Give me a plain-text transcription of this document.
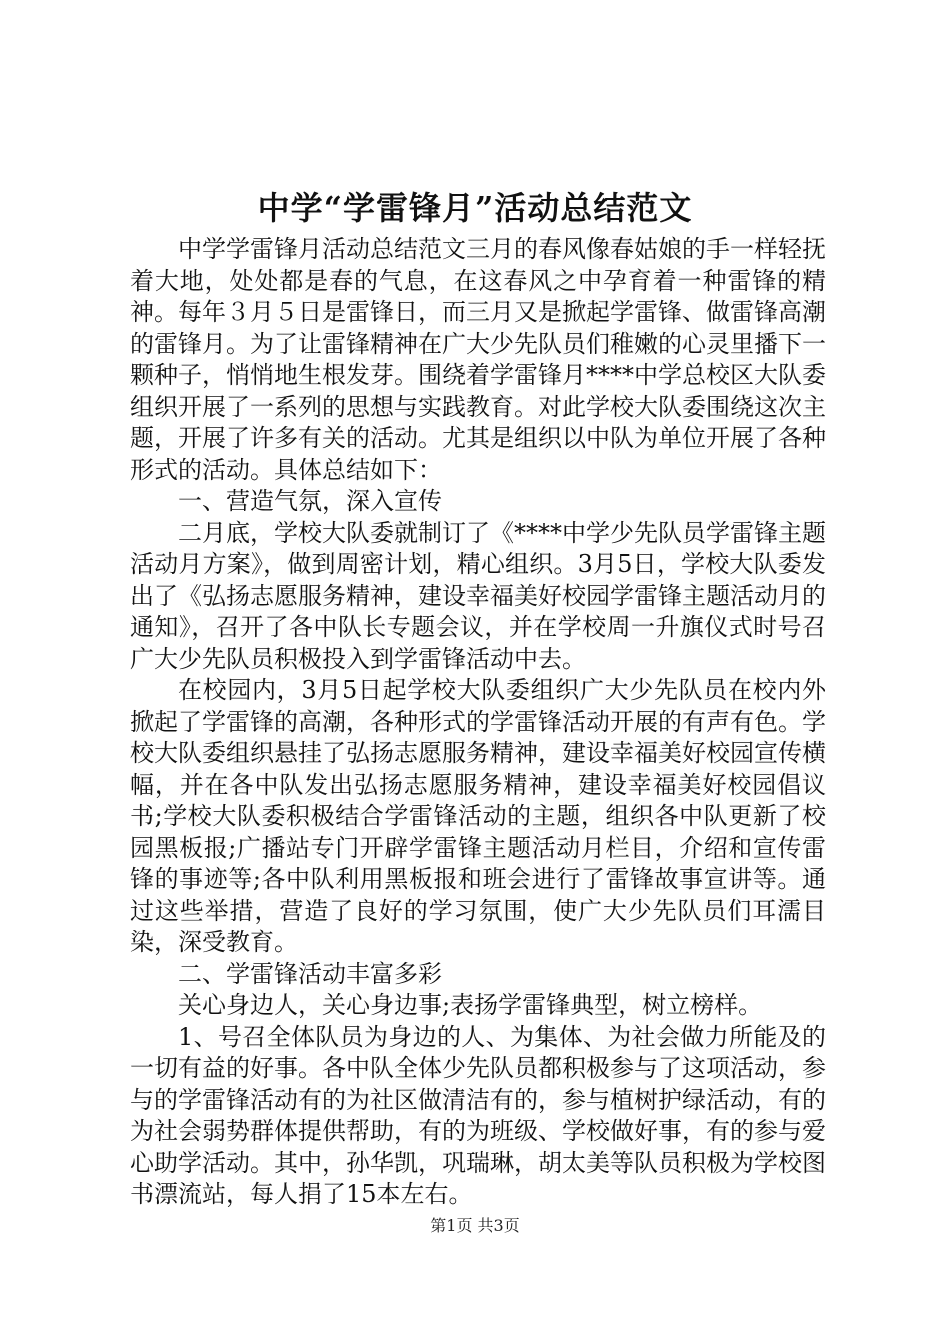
中学“学雷锋月”活动总结范文

中学学雷锋月活动总结范文三月的春风像春姑娘的手一样轻抚着大地，处处都是春的气息，在这春风之中孕育着一种雷锋的精神。每年３月５日是雷锋日，而三月又是掀起学雷锋、做雷锋高潮的雷锋月。为了让雷锋精神在广大少先队员们稚嫩的心灵里播下一颗种子，悄悄地生根发芽。围绕着学雷锋月****中学总校区大队委组织开展了一系列的思想与实践教育。对此学校大队委围绕这次主题，开展了许多有关的活动。尤其是组织以中队为单位开展了各种形式的活动。具体总结如下：

一、营造气氛，深入宣传

二月底，学校大队委就制订了《****中学少先队员学雷锋主题活动月方案》，做到周密计划，精心组织。3月5日，学校大队委发出了《弘扬志愿服务精神，建设幸福美好校园学雷锋主题活动月的通知》，召开了各中队长专题会议，并在学校周一升旗仪式时号召广大少先队员积极投入到学雷锋活动中去。

在校园内，3月5日起学校大队委组织广大少先队员在校内外掀起了学雷锋的高潮，各种形式的学雷锋活动开展的有声有色。学校大队委组织悬挂了弘扬志愿服务精神，建设幸福美好校园宣传横幅，并在各中队发出弘扬志愿服务精神，建设幸福美好校园倡议书;学校大队委积极结合学雷锋活动的主题，组织各中队更新了校园黑板报;广播站专门开辟学雷锋主题活动月栏目，介绍和宣传雷锋的事迹等;各中队利用黑板报和班会进行了雷锋故事宣讲等。通过这些举措，营造了良好的学习氛围，使广大少先队员们耳濡目染，深受教育。

二、学雷锋活动丰富多彩

关心身边人，关心身边事;表扬学雷锋典型，树立榜样。

1、号召全体队员为身边的人、为集体、为社会做力所能及的一切有益的好事。各中队全体少先队员都积极参与了这项活动，参与的学雷锋活动有的为社区做清洁有的，参与植树护绿活动，有的为社会弱势群体提供帮助，有的为班级、学校做好事，有的参与爱心助学活动。其中，孙华凯，巩瑞琳，胡太美等队员积极为学校图书漂流站，每人捐了15本左右。

第1页 共3页
